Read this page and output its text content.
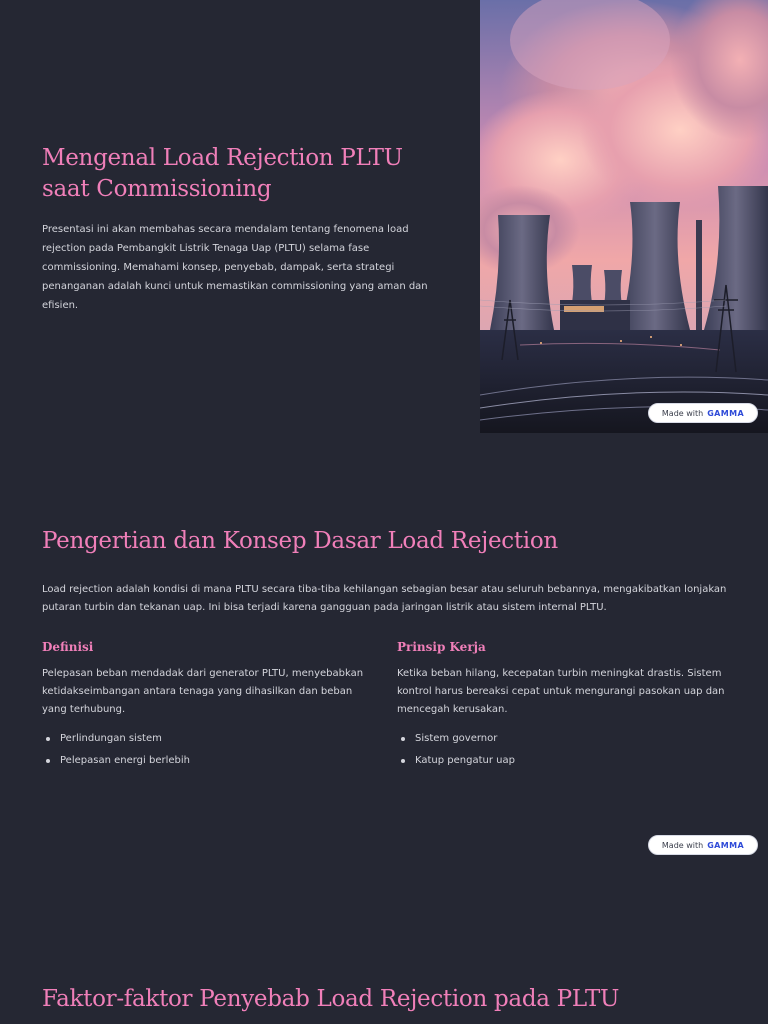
Mengenal Load Rejection PLTU saat Commissioning

Presentasi ini akan membahas secara mendalam tentang fenomena load rejection pada Pembangkit Listrik Tenaga Uap (PLTU) selama fase commissioning. Memahami konsep, penyebab, dampak, serta strategi penanganan adalah kunci untuk memastikan commissioning yang aman dan efisien.

Made with GAMMA
Pengertian dan Konsep Dasar Load Rejection

Load rejection adalah kondisi di mana PLTU secara tiba-tiba kehilangan sebagian besar atau seluruh bebannya, mengakibatkan lonjakan putaran turbin dan tekanan uap. Ini bisa terjadi karena gangguan pada jaringan listrik atau sistem internal PLTU.

Definisi

Pelepasan beban mendadak dari generator PLTU, menyebabkan ketidakseimbangan antara tenaga yang dihasilkan dan beban yang terhubung.

Perlindungan sistem
Pelepasan energi berlebih
Prinsip Kerja

Ketika beban hilang, kecepatan turbin meningkat drastis. Sistem kontrol harus bereaksi cepat untuk mengurangi pasokan uap dan mencegah kerusakan.

Sistem governor
Katup pengatur uap
Made with GAMMA
Faktor-faktor Penyebab Load Rejection pada PLTU
